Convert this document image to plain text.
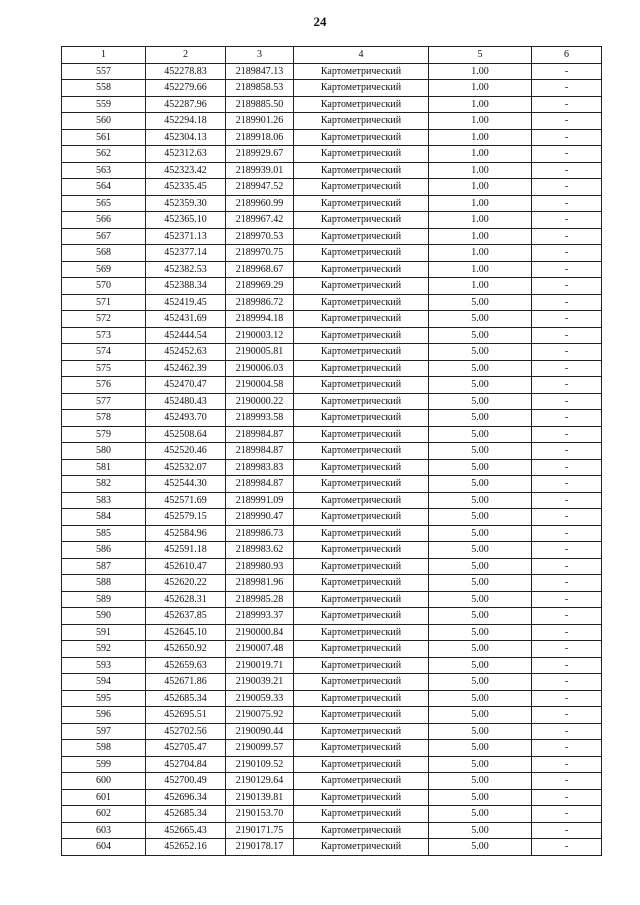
24
1	2	3	4	5	6
557	452278.83	2189847.13	Картометрический	1.00	-
558	452279.66	2189858.53	Картометрический	1.00	-
559	452287.96	2189885.50	Картометрический	1.00	-
560	452294.18	2189901.26	Картометрический	1.00	-
561	452304.13	2189918.06	Картометрический	1.00	-
562	452312.63	2189929.67	Картометрический	1.00	-
563	452323.42	2189939.01	Картометрический	1.00	-
564	452335.45	2189947.52	Картометрический	1.00	-
565	452359.30	2189960.99	Картометрический	1.00	-
566	452365.10	2189967.42	Картометрический	1.00	-
567	452371.13	2189970.53	Картометрический	1.00	-
568	452377.14	2189970.75	Картометрический	1.00	-
569	452382.53	2189968.67	Картометрический	1.00	-
570	452388.34	2189969.29	Картометрический	1.00	-
571	452419.45	2189986.72	Картометрический	5.00	-
572	452431.69	2189994.18	Картометрический	5.00	-
573	452444.54	2190003.12	Картометрический	5.00	-
574	452452.63	2190005.81	Картометрический	5.00	-
575	452462.39	2190006.03	Картометрический	5.00	-
576	452470.47	2190004.58	Картометрический	5.00	-
577	452480.43	2190000.22	Картометрический	5.00	-
578	452493.70	2189993.58	Картометрический	5.00	-
579	452508.64	2189984.87	Картометрический	5.00	-
580	452520.46	2189984.87	Картометрический	5.00	-
581	452532.07	2189983.83	Картометрический	5.00	-
582	452544.30	2189984.87	Картометрический	5.00	-
583	452571.69	2189991.09	Картометрический	5.00	-
584	452579.15	2189990.47	Картометрический	5.00	-
585	452584.96	2189986.73	Картометрический	5.00	-
586	452591.18	2189983.62	Картометрический	5.00	-
587	452610.47	2189980.93	Картометрический	5.00	-
588	452620.22	2189981.96	Картометрический	5.00	-
589	452628.31	2189985.28	Картометрический	5.00	-
590	452637.85	2189993.37	Картометрический	5.00	-
591	452645.10	2190000.84	Картометрический	5.00	-
592	452650.92	2190007.48	Картометрический	5.00	-
593	452659.63	2190019.71	Картометрический	5.00	-
594	452671.86	2190039.21	Картометрический	5.00	-
595	452685.34	2190059.33	Картометрический	5.00	-
596	452695.51	2190075.92	Картометрический	5.00	-
597	452702.56	2190090.44	Картометрический	5.00	-
598	452705.47	2190099.57	Картометрический	5.00	-
599	452704.84	2190109.52	Картометрический	5.00	-
600	452700.49	2190129.64	Картометрический	5.00	-
601	452696.34	2190139.81	Картометрический	5.00	-
602	452685.34	2190153.70	Картометрический	5.00	-
603	452665.43	2190171.75	Картометрический	5.00	-
604	452652.16	2190178.17	Картометрический	5.00	-
